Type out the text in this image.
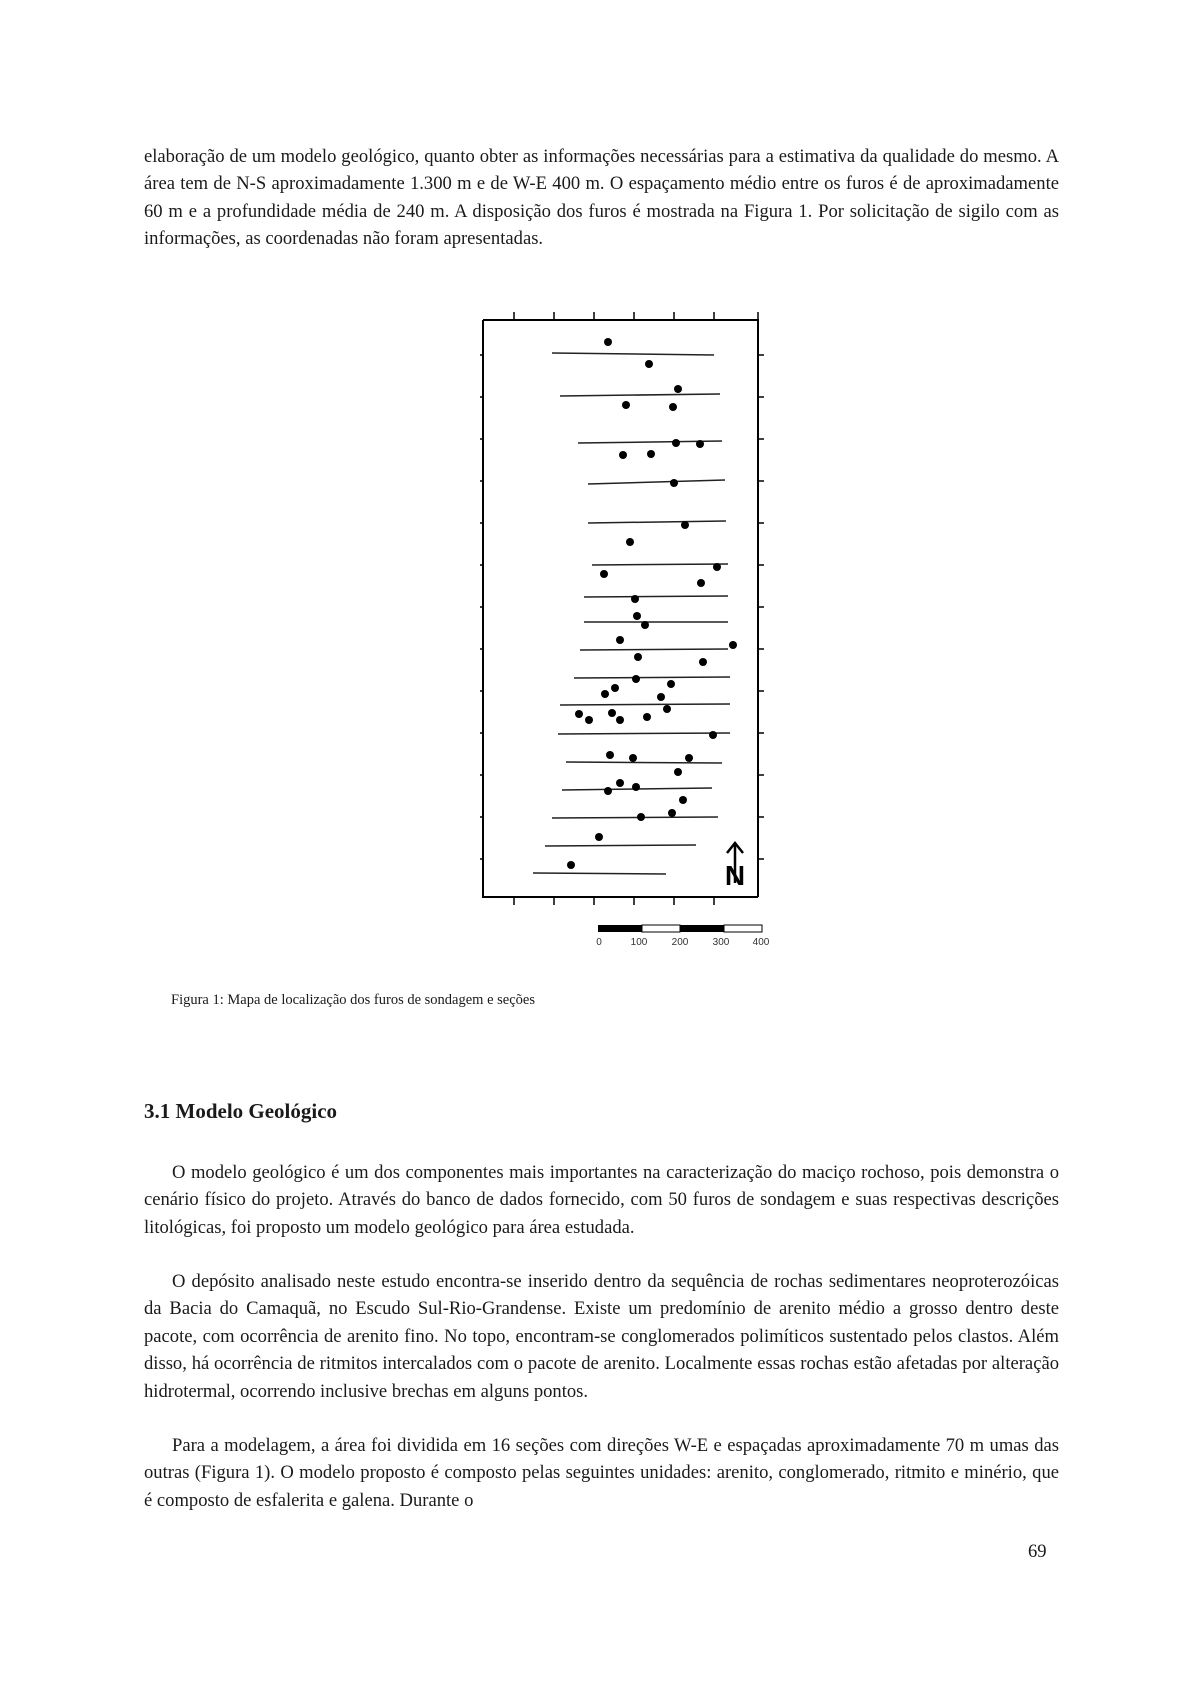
elaboração de um modelo geológico, quanto obter as informações necessárias para a estimativa da qualidade do mesmo. A área tem de N-S aproximadamente 1.300 m e de W-E 400 m. O espaçamento médio entre os furos é de aproximadamente 60 m e a profundidade média de 240 m. A disposição dos furos é mostrada na Figura 1. Por solicitação de sigilo com as informações, as coordenadas não foram apresentadas.

N
0	100 200 300 400

Figura 1: Mapa de localização dos furos de sondagem e seções

3.1 Modelo Geológico

O modelo geológico é um dos componentes mais importantes na caracterização do maciço rochoso, pois demonstra o cenário físico do projeto. Através do banco de dados fornecido, com 50 furos de sondagem e suas respectivas descrições litológicas, foi proposto um modelo geológico para área estudada.

O depósito analisado neste estudo encontra-se inserido dentro da sequência de rochas sedimentares neoproterozóicas da Bacia do Camaquã, no Escudo Sul-Rio-Grandense. Existe um predomínio de arenito médio a grosso dentro deste pacote, com ocorrência de arenito fino. No topo, encontram-se conglomerados polimíticos sustentado pelos clastos. Além disso, há ocorrência de ritmitos intercalados com o pacote de arenito. Localmente essas rochas estão afetadas por alteração hidrotermal, ocorrendo inclusive brechas em alguns pontos.

Para a modelagem, a área foi dividida em 16 seções com direções W-E e espaçadas aproximadamente 70 m umas das outras (Figura 1). O modelo proposto é composto pelas seguintes unidades: arenito, conglomerado, ritmito e minério, que é composto de esfalerita e galena. Durante o

69
